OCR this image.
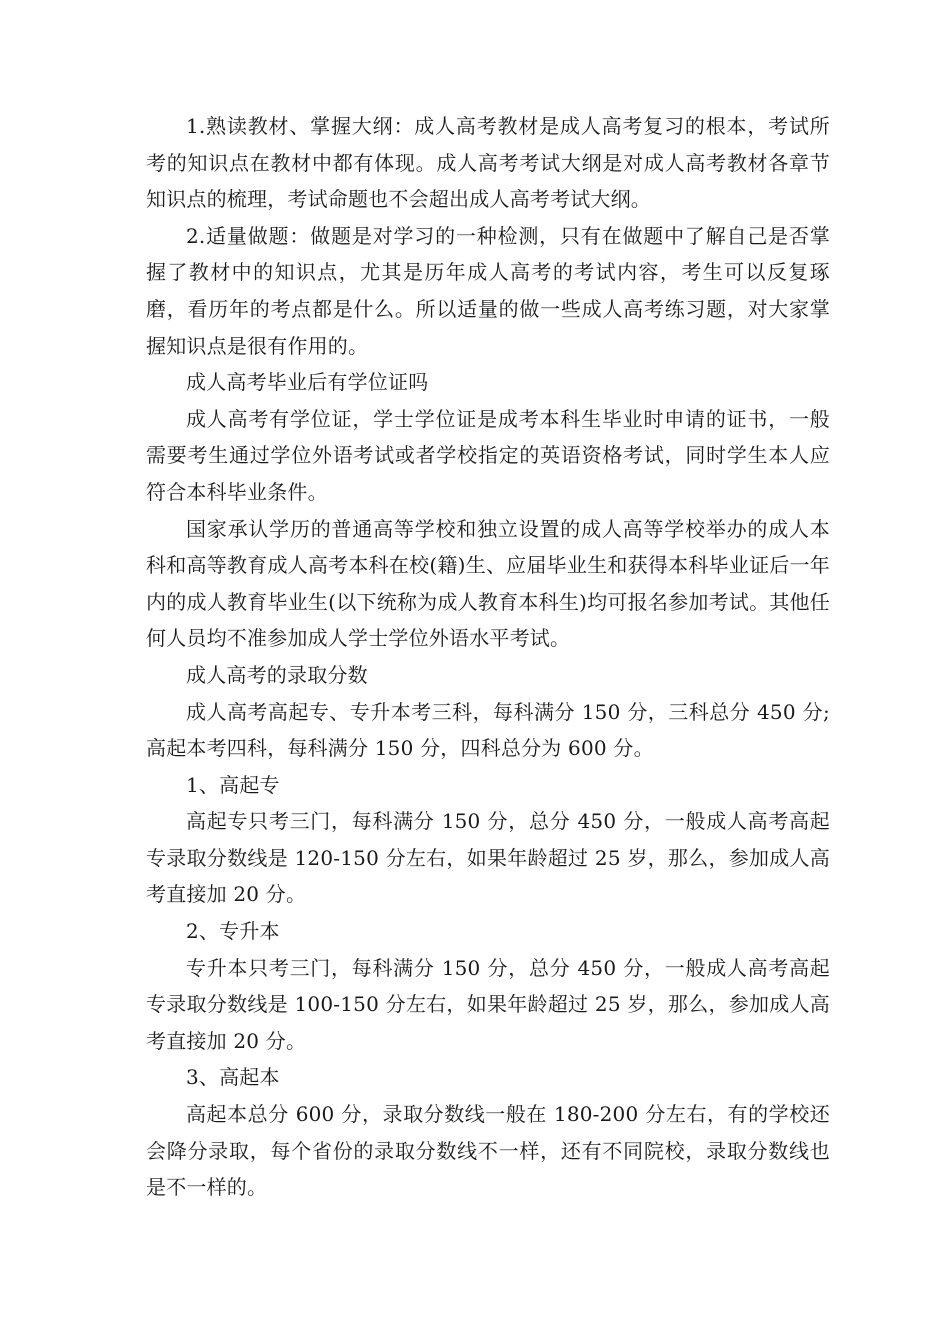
1.熟读教材、掌握大纲：成人高考教材是成人高考复习的根本，考试所考的知识点在教材中都有体现。成人高考考试大纲是对成人高考教材各章节知识点的梳理，考试命题也不会超出成人高考考试大纲。

2.适量做题：做题是对学习的一种检测，只有在做题中了解自己是否掌握了教材中的知识点，尤其是历年成人高考的考试内容，考生可以反复琢磨，看历年的考点都是什么。所以适量的做一些成人高考练习题，对大家掌握知识点是很有作用的。

成人高考毕业后有学位证吗

成人高考有学位证，学士学位证是成考本科生毕业时申请的证书，一般需要考生通过学位外语考试或者学校指定的英语资格考试，同时学生本人应符合本科毕业条件。

国家承认学历的普通高等学校和独立设置的成人高等学校举办的成人本科和高等教育成人高考本科在校(籍)生、应届毕业生和获得本科毕业证后一年内的成人教育毕业生(以下统称为成人教育本科生)均可报名参加考试。其他任何人员均不准参加成人学士学位外语水平考试。

成人高考的录取分数

成人高考高起专、专升本考三科，每科满分 150 分，三科总分 450 分;高起本考四科，每科满分 150 分，四科总分为 600 分。

1、高起专

高起专只考三门，每科满分 150 分，总分 450 分，一般成人高考高起专录取分数线是 120-150 分左右，如果年龄超过 25 岁，那么，参加成人高考直接加 20 分。

2、专升本

专升本只考三门，每科满分 150 分，总分 450 分，一般成人高考高起专录取分数线是 100-150 分左右，如果年龄超过 25 岁，那么，参加成人高考直接加 20 分。

3、高起本

高起本总分 600 分，录取分数线一般在 180-200 分左右，有的学校还会降分录取，每个省份的录取分数线不一样，还有不同院校，录取分数线也是不一样的。
